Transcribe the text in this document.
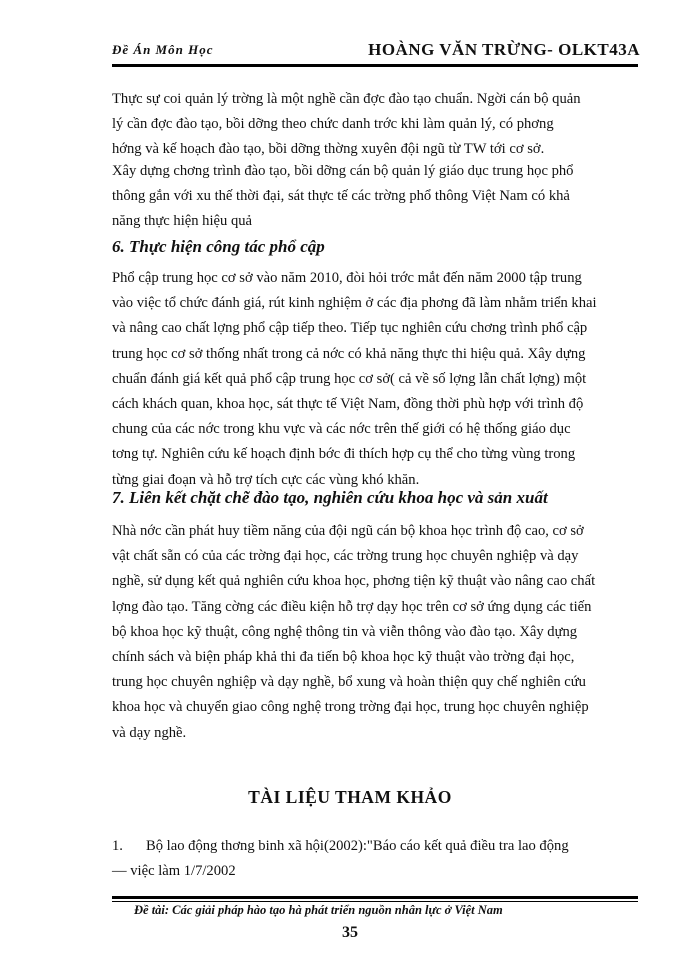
Đề Án Môn Học	HOÀNG VĂN TRỪNG- OLKT43A
Thực sự coi quản lý trờng là một nghề cần đợc đào tạo chuẩn. Ngời cán bộ quản
lý cần đợc đào tạo, bồi dỡng theo chức danh trớc khi làm quản lý, có phơng
hớng và kế hoạch đào tạo, bồi dỡng thờng xuyên đội ngũ từ TW tới cơ sở.
Xây dựng chơng trình đào tạo, bồi dỡng cán bộ quản lý giáo dục trung học phổ
thông gắn với xu thế thời đại, sát thực tế các trờng phổ thông Việt Nam có khả
năng thực hiện hiệu quả
6. Thực hiện công tác phổ cập
Phổ cập trung học cơ sở vào năm 2010, đòi hỏi trớc mắt đến năm 2000 tập trung
vào việc tổ chức đánh giá, rút kinh nghiệm ở các địa phơng đã làm nhằm triển khai
và nâng cao chất lợng phổ cập tiếp theo. Tiếp tục nghiên cứu chơng trình phổ cập
trung học cơ sở thống nhất trong cả nớc có khả năng thực thi hiệu quả. Xây dựng
chuẩn đánh giá kết quả phổ cập trung học cơ sở( cả về số lợng lẫn chất lợng) một
cách khách quan, khoa học, sát thực tế Việt Nam, đồng thời phù hợp với trình độ
chung của các nớc trong khu vực và các nớc trên thế giới có hệ thống giáo dục
tơng tự. Nghiên cứu kế hoạch định bớc đi thích hợp cụ thể cho từng vùng trong
từng giai đoạn và hỗ trợ tích cực các vùng khó khăn.
7. Liên kết chặt chẽ đào tạo, nghiên cứu khoa học và sản xuất
Nhà nớc cần phát huy tiềm năng của đội ngũ cán bộ khoa học trình độ cao, cơ sở
vật chất sẵn có của các trờng đại học, các trờng trung học chuyên nghiệp và dạy
nghề, sử dụng kết quả nghiên cứu khoa học, phơng tiện kỹ thuật vào nâng cao chất
lợng đào tạo. Tăng cờng các điều kiện hỗ trợ dạy học trên cơ sở ứng dụng các tiến
bộ khoa học kỹ thuật, công nghệ thông tin và viễn thông vào đào tạo. Xây dựng
chính sách và biện pháp khả thi đa tiến bộ khoa học kỹ thuật vào trờng đại học,
trung học chuyên nghiệp và dạy nghề, bổ xung và hoàn thiện quy chế nghiên cứu
khoa học và chuyển giao công nghệ trong trờng đại học, trung học chuyên nghiệp
và dạy nghề.
TÀI LIỆU THAM KHẢO
1. Bộ lao động thơng binh xã hội(2002):"Báo cáo kết quả điều tra lao động
— việc làm 1/7/2002
Đề tài: Các giải pháp hào tạo hà phát triển nguồn nhân lực ở Việt Nam
35
